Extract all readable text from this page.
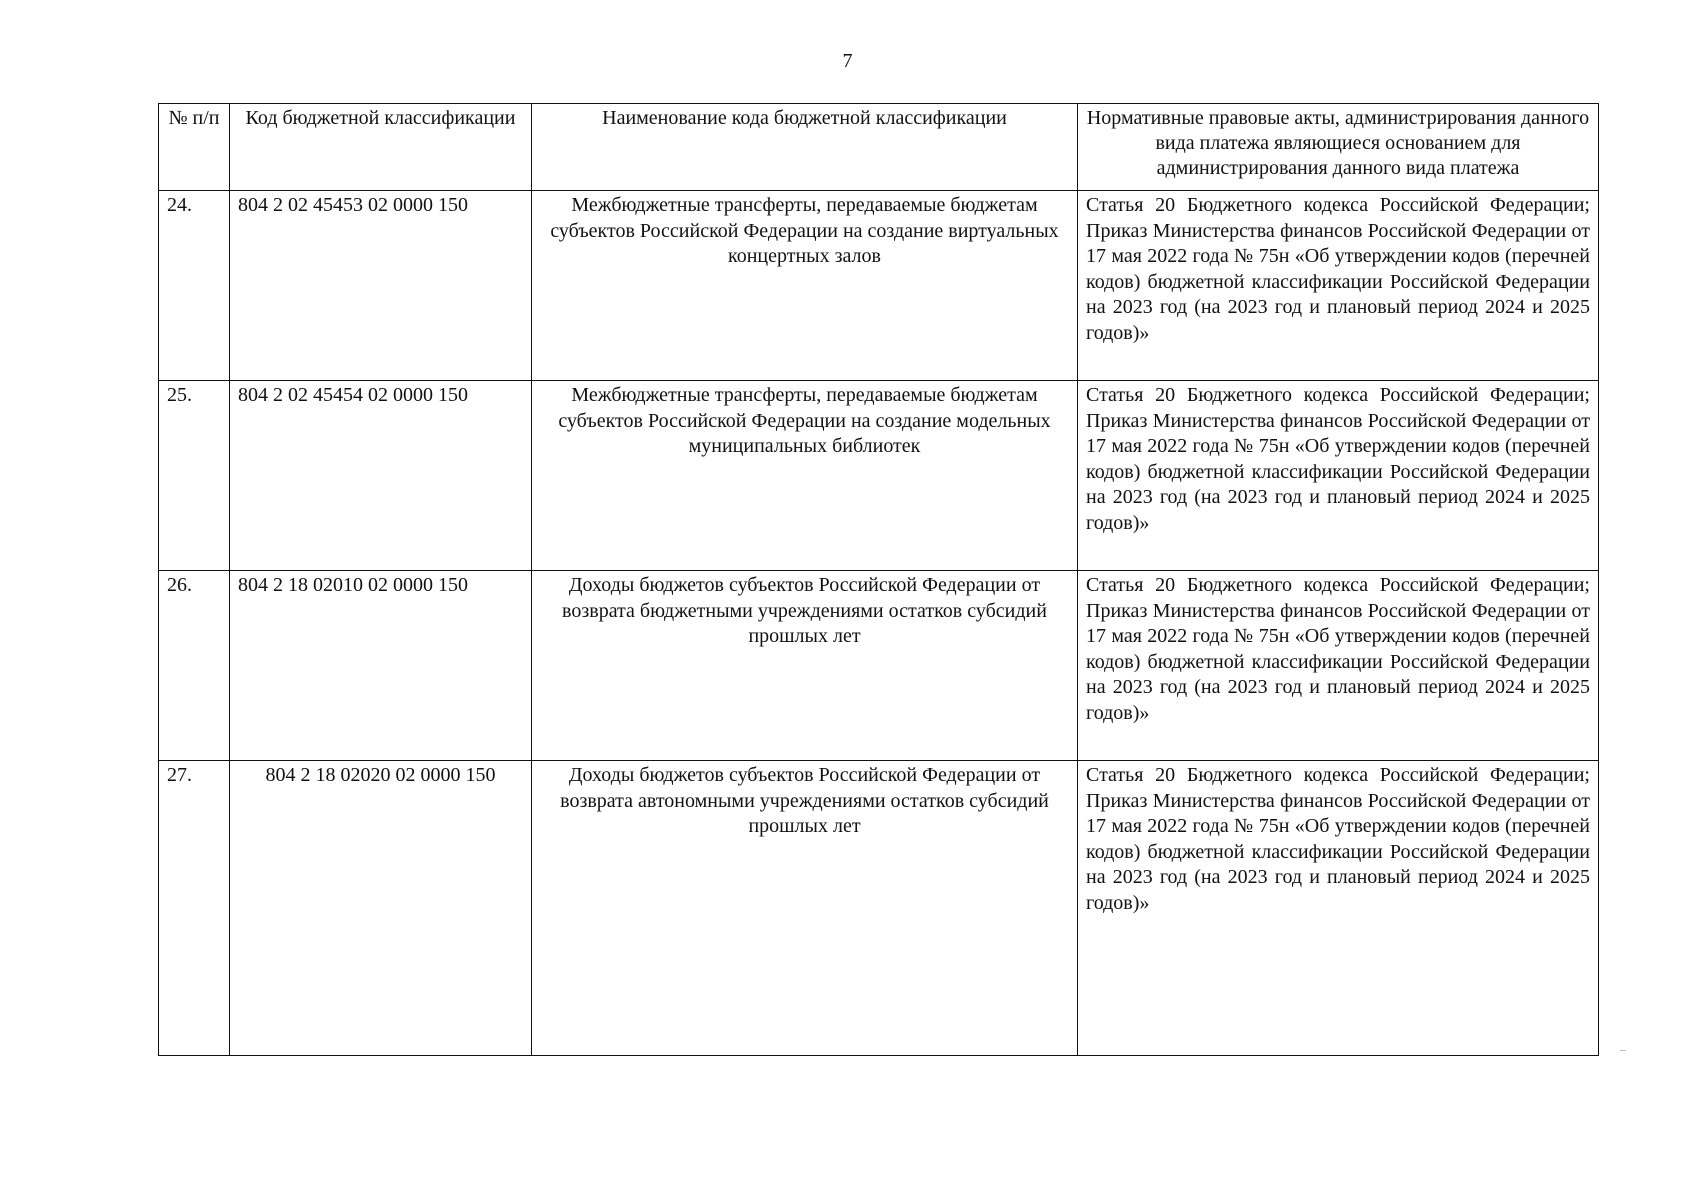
7
№ п/п	Код бюджетной классификации	Наименование кода бюджетной классификации	Нормативные правовые акты, администрирования данного вида платежа являющиеся основанием для администрирования данного вида платежа
24.	804 2 02 45453 02 0000 150	Межбюджетные трансферты, передаваемые бюджетам субъектов Российской Федерации на создание виртуальных концертных залов	Статья 20 Бюджетного кодекса Российской Федерации; Приказ Министерства финансов Российской Федерации от 17 мая 2022 года № 75н «Об утверждении кодов (перечней кодов) бюджетной классификации Российской Федерации на 2023 год (на 2023 год и плановый период 2024 и 2025 годов)»
25.	804 2 02 45454 02 0000 150	Межбюджетные трансферты, передаваемые бюджетам субъектов Российской Федерации на создание модельных муниципальных библиотек	Статья 20 Бюджетного кодекса Российской Федерации; Приказ Министерства финансов Российской Федерации от 17 мая 2022 года № 75н «Об утверждении кодов (перечней кодов) бюджетной классификации Российской Федерации на 2023 год (на 2023 год и плановый период 2024 и 2025 годов)»
26.	804 2 18 02010 02 0000 150	Доходы бюджетов субъектов Российской Федерации от возврата бюджетными учреждениями остатков субсидий прошлых лет	Статья 20 Бюджетного кодекса Российской Федерации; Приказ Министерства финансов Российской Федерации от 17 мая 2022 года № 75н «Об утверждении кодов (перечней кодов) бюджетной классификации Российской Федерации на 2023 год (на 2023 год и плановый период 2024 и 2025 годов)»
27.	804 2 18 02020 02 0000 150	Доходы бюджетов субъектов Российской Федерации от возврата автономными учреждениями остатков субсидий прошлых лет	Статья 20 Бюджетного кодекса Российской Федерации; Приказ Министерства финансов Российской Федерации от 17 мая 2022 года № 75н «Об утверждении кодов (перечней кодов) бюджетной классификации Российской Федерации на 2023 год (на 2023 год и плановый период 2024 и 2025 годов)»
